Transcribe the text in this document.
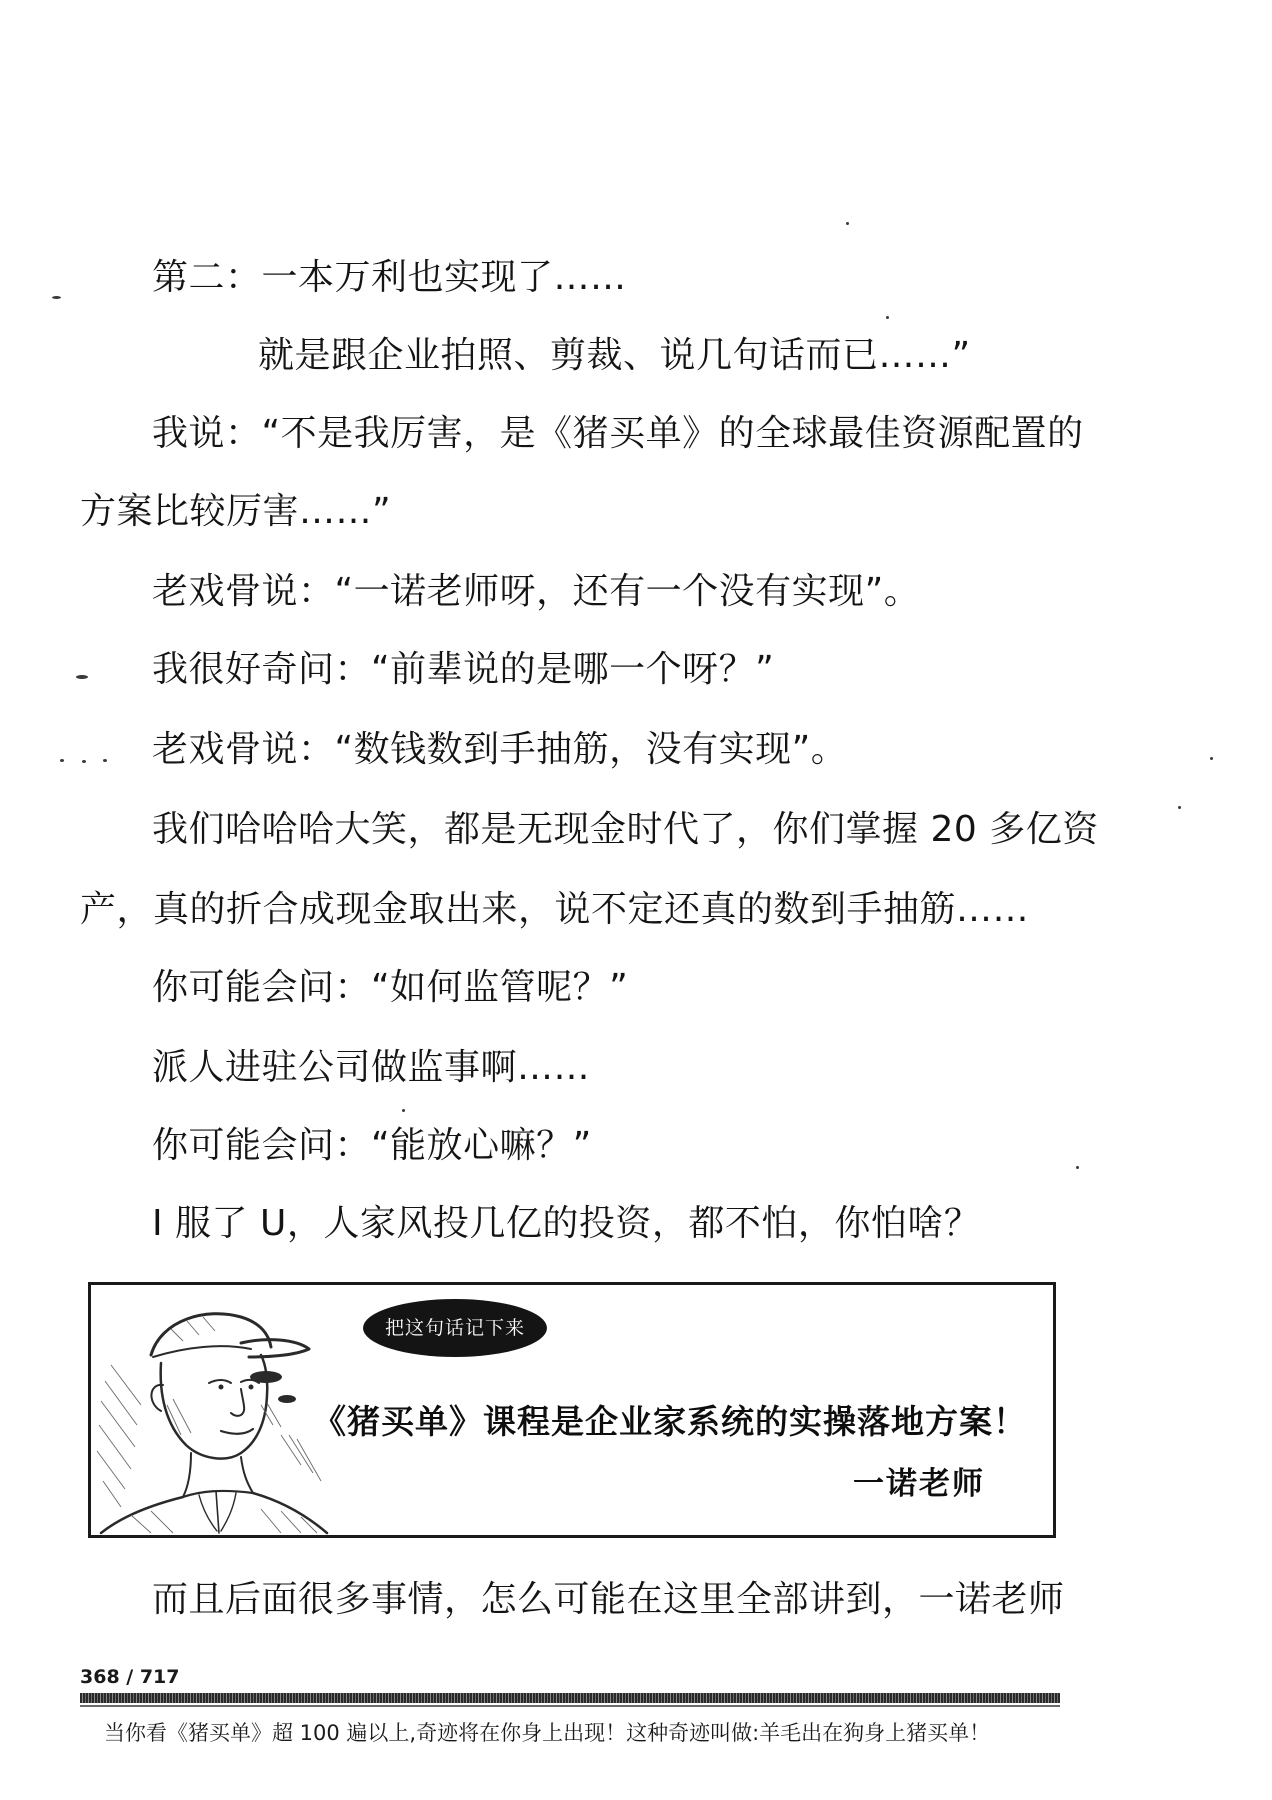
第二：一本万利也实现了……
就是跟企业拍照、剪裁、说几句话而已……”
我说：“不是我厉害，是《猪买单》的全球最佳资源配置的
方案比较厉害……”
老戏骨说：“一诺老师呀，还有一个没有实现”。
我很好奇问：“前辈说的是哪一个呀？”
老戏骨说：“数钱数到手抽筋，没有实现”。
我们哈哈哈大笑，都是无现金时代了，你们掌握 20 多亿资
产，真的折合成现金取出来，说不定还真的数到手抽筋……
你可能会问：“如何监管呢？”
派人进驻公司做监事啊……
你可能会问：“能放心嘛？”
I 服了 U，人家风投几亿的投资，都不怕，你怕啥？
把这句话记下来
《猪买单》课程是企业家系统的实操落地方案！
一诺老师
而且后面很多事情，怎么可能在这里全部讲到，一诺老师
368 / 717
当你看《猪买单》超 100 遍以上,奇迹将在你身上出现！这种奇迹叫做:羊毛出在狗身上猪买单！
